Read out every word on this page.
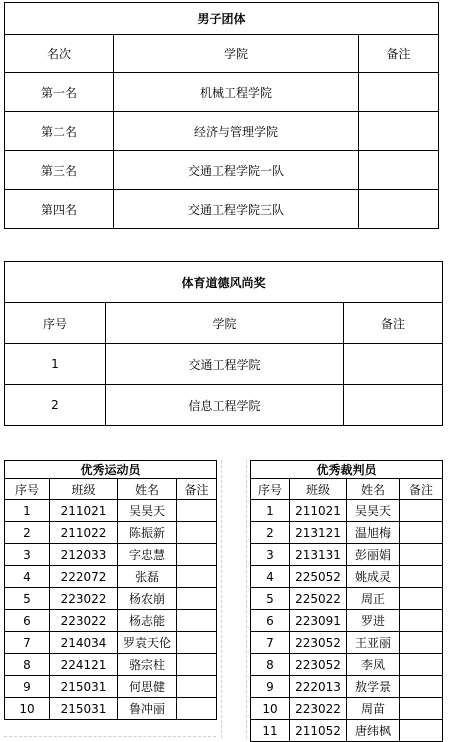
男子团体		
名次	学院	备注
第一名	机械工程学院	
第二名	经济与管理学院	
第三名	交通工程学院一队	
第四名	交通工程学院三队	
体育道德风尚奖		
序号	学院	备注
1	交通工程学院	
2	信息工程学院	
优秀运动员			
序号	班级	姓名	备注
1	211021	吴昊天	
2	211022	陈振新	
3	212033	字忠慧	
4	222072	张磊	
5	223022	杨农崩	
6	223022	杨志能	
7	214034	罗袁天伦	
8	224121	骆宗柱	
9	215031	何思健	
10	215031	鲁冲丽	
优秀裁判员			
序号	班级	姓名	备注
1	211021	吴昊天	
2	213121	温旭梅	
3	213131	彭丽娟	
4	225052	姚成灵	
5	225022	周正	
6	223091	罗进	
7	223052	王亚丽	
8	223052	李凤	
9	222013	敖学景	
10	223022	周苗	
11	211052	唐纬枫	
